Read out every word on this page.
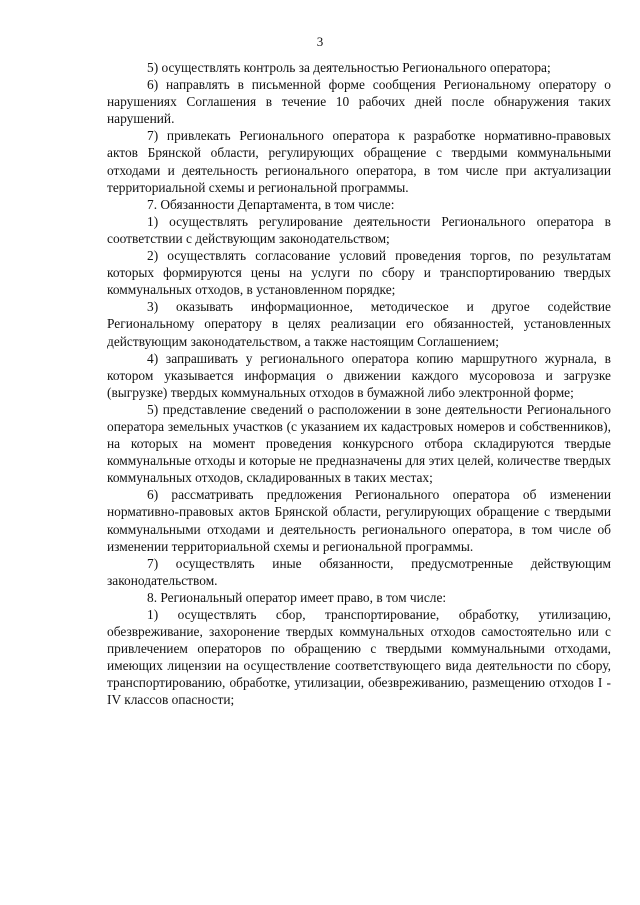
3

5) осуществлять контроль за деятельностью Регионального оператора;

6) направлять в письменной форме сообщения Региональному оператору о нарушениях Соглашения в течение 10 рабочих дней после обнаружения таких нарушений.

7) привлекать Регионального оператора к разработке нормативно-правовых актов Брянской области, регулирующих обращение с твердыми коммунальными отходами и деятельность регионального оператора, в том числе при актуализации территориальной схемы и региональной программы.

7. Обязанности Департамента, в том числе:

1) осуществлять регулирование деятельности Регионального оператора в соответствии с действующим законодательством;

2) осуществлять согласование условий проведения торгов, по результатам которых формируются цены на услуги по сбору и транспортированию твердых коммунальных отходов, в установленном порядке;

3) оказывать информационное, методическое и другое содействие Региональному оператору в целях реализации его обязанностей, установленных действующим законодательством, а также настоящим Соглашением;

4) запрашивать у регионального оператора копию маршрутного журнала, в котором указывается информация о движении каждого мусоровоза и загрузке (выгрузке) твердых коммунальных отходов в бумажной либо электронной форме;

5) представление сведений о расположении в зоне деятельности Регионального оператора земельных участков (с указанием их кадастровых номеров и собственников), на которых на момент проведения конкурсного отбора складируются твердые коммунальные отходы и которые не предназначены для этих целей, количестве твердых коммунальных отходов, складированных в таких местах;

6) рассматривать предложения Регионального оператора об изменении нормативно-правовых актов Брянской области, регулирующих обращение с твердыми коммунальными отходами и деятельность регионального оператора, в том числе об изменении территориальной схемы и региональной программы.

7) осуществлять иные обязанности, предусмотренные действующим законодательством.

8. Региональный оператор имеет право, в том числе:

1) осуществлять сбор, транспортирование, обработку, утилизацию, обезвреживание, захоронение твердых коммунальных отходов самостоятельно или с привлечением операторов по обращению с твердыми коммунальными отходами, имеющих лицензии на осуществление соответствующего вида деятельности по сбору, транспортированию, обработке, утилизации, обезвреживанию, размещению отходов I - IV классов опасности;
